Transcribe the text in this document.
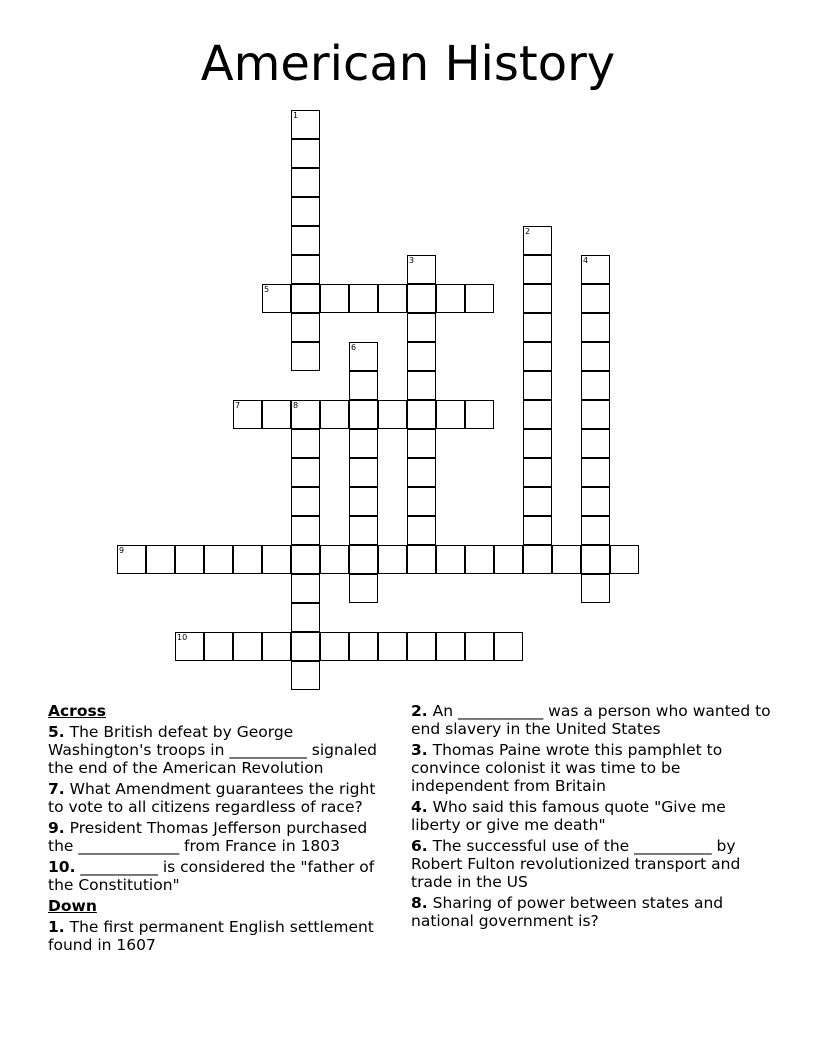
American History
5
7	8
9
10
1
2
3	4
6
Across
5. The British defeat by George Washington's troops in __________ signaled the end of the American Revolution
7. What Amendment guarantees the right to vote to all citizens regardless of race?
9. President Thomas Jefferson purchased the _____________ from France in 1803
10. __________ is considered the "father of the Constitution"
Down
1. The first permanent English settlement found in 1607
2. An ___________ was a person who wanted to end slavery in the United States
3. Thomas Paine wrote this pamphlet to convince colonist it was time to be independent from Britain
4. Who said this famous quote "Give me liberty or give me death"
6. The successful use of the __________ by Robert Fulton revolutionized transport and trade in the US
8. Sharing of power between states and national government is?
